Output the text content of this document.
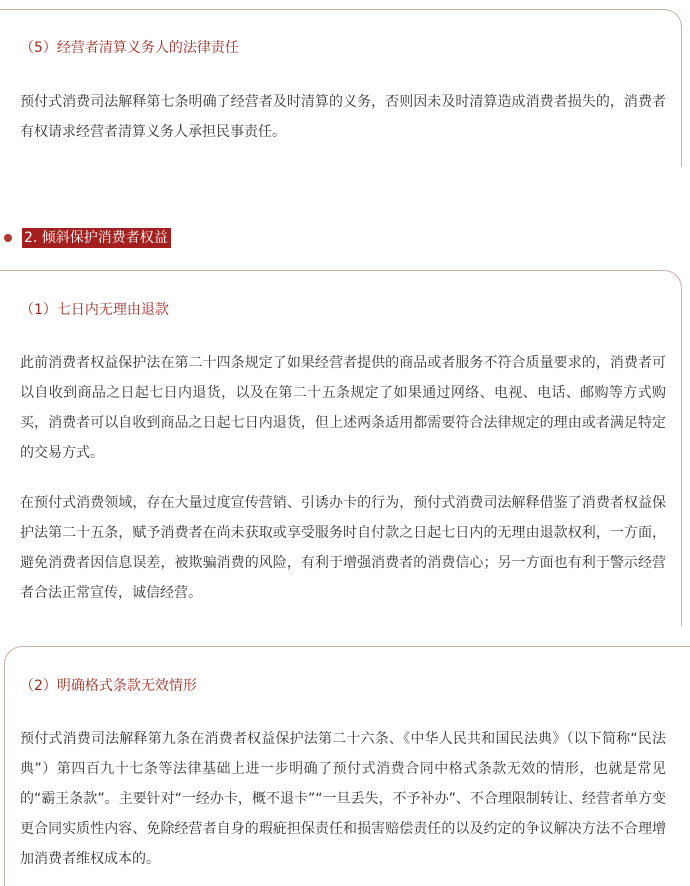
（5）经营者清算义务人的法律责任

预付式消费司法解释第七条明确了经营者及时清算的义务，否则因未及时清算造成消费者损失的，消费者有权请求经营者清算义务人承担民事责任。

2. 倾斜保护消费者权益
（1）七日内无理由退款

此前消费者权益保护法在第二十四条规定了如果经营者提供的商品或者服务不符合质量要求的，消费者可以自收到商品之日起七日内退货，以及在第二十五条规定了如果通过网络、电视、电话、邮购等方式购买，消费者可以自收到商品之日起七日内退货，但上述两条适用都需要符合法律规定的理由或者满足特定的交易方式。

在预付式消费领域，存在大量过度宣传营销、引诱办卡的行为，预付式消费司法解释借鉴了消费者权益保护法第二十五条，赋予消费者在尚未获取或享受服务时自付款之日起七日内的无理由退款权利，一方面，避免消费者因信息误差，被欺骗消费的风险，有利于增强消费者的消费信心；另一方面也有利于警示经营者合法正常宣传，诚信经营。

（2）明确格式条款无效情形

预付式消费司法解释第九条在消费者权益保护法第二十六条、《中华人民共和国民法典》（以下简称“民法典”）第四百九十七条等法律基础上进一步明确了预付式消费合同中格式条款无效的情形，也就是常见的“霸王条款”。主要针对“一经办卡，概不退卡”“一旦丢失，不予补办”、不合理限制转让、经营者单方变更合同实质性内容、免除经营者自身的瑕疵担保责任和损害赔偿责任的以及约定的争议解决方法不合理增加消费者维权成本的。
